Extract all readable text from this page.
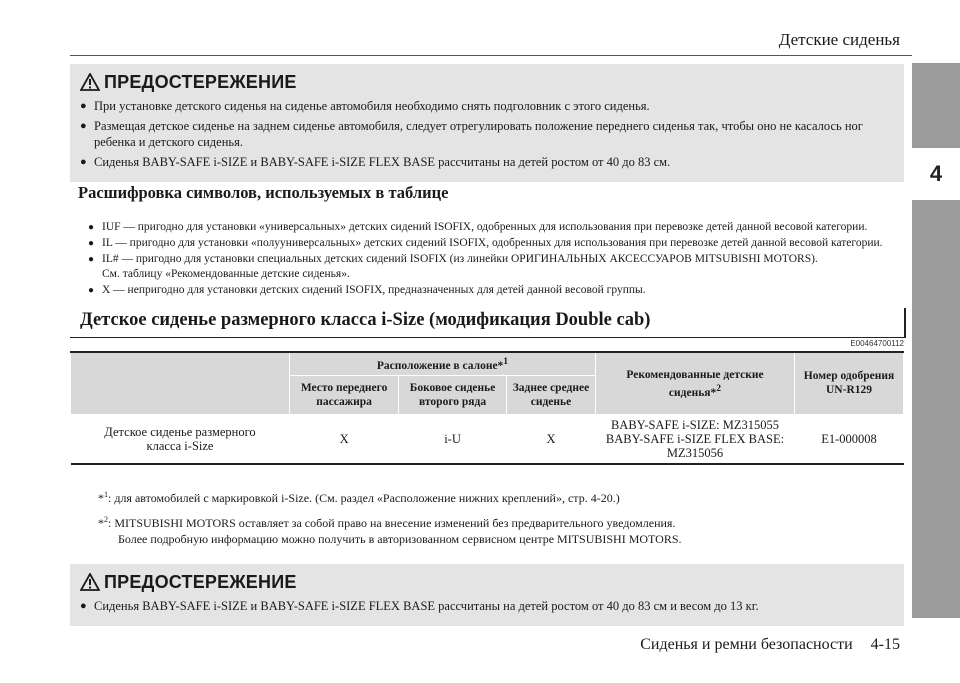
Детские сиденья
4
ПРЕДОСТЕРЕЖЕНИЕ
● При установке детского сиденья на сиденье автомобиля необходимо снять подголовник с этого сиденья.
● Размещая детское сиденье на заднем сиденье автомобиля, следует отрегулировать положение переднего сиденья так, чтобы оно не касалось ног ребенка и детского сиденья.
● Сиденья BABY-SAFE i-SIZE и BABY-SAFE i-SIZE FLEX BASE рассчитаны на детей ростом от 40 до 83 см.
Расшифровка символов, используемых в таблице
● IUF — пригодно для установки «универсальных» детских сидений ISOFIX, одобренных для использования при перевозке детей данной весовой категории.
● IL — пригодно для установки «полууниверсальных» детских сидений ISOFIX, одобренных для использования при перевозке детей данной весовой категории.
● IL# — пригодно для установки специальных детских сидений ISOFIX (из линейки ОРИГИНАЛЬНЫХ АКСЕССУАРОВ MITSUBISHI MOTORS).
См. таблицу «Рекомендованные детские сиденья».
● X — непригодно для установки детских сидений ISOFIX, предназначенных для детей данной весовой группы.
Детское сиденье размерного класса i-Size (модификация Double cab)
E00464700112
	Расположение в салоне*$^1$			Рекомендованные детские сиденья*$^2$	Номер одобрения UN-R129
	Место переднего пассажира	Боковое сиденье второго ряда	Заднее среднее сиденье		
Детское сиденье размерного класса i-Size	X	i-U	X	BABY-SAFE i-SIZE: MZ315055
BABY-SAFE i-SIZE FLEX BASE: MZ315056	E1-000008
*$^1$: для автомобилей с маркировкой i-Size. (См. раздел «Расположение нижних креплений», стр. 4-20.)
*$^2$: MITSUBISHI MOTORS оставляет за собой право на внесение изменений без предварительного уведомления.
Более подробную информацию можно получить в авторизованном сервисном центре MITSUBISHI MOTORS.
ПРЕДОСТЕРЕЖЕНИЕ
● Сиденья BABY-SAFE i-SIZE и BABY-SAFE i-SIZE FLEX BASE рассчитаны на детей ростом от 40 до 83 см и весом до 13 кг.
Сиденья и ремни безопасности 4-15
